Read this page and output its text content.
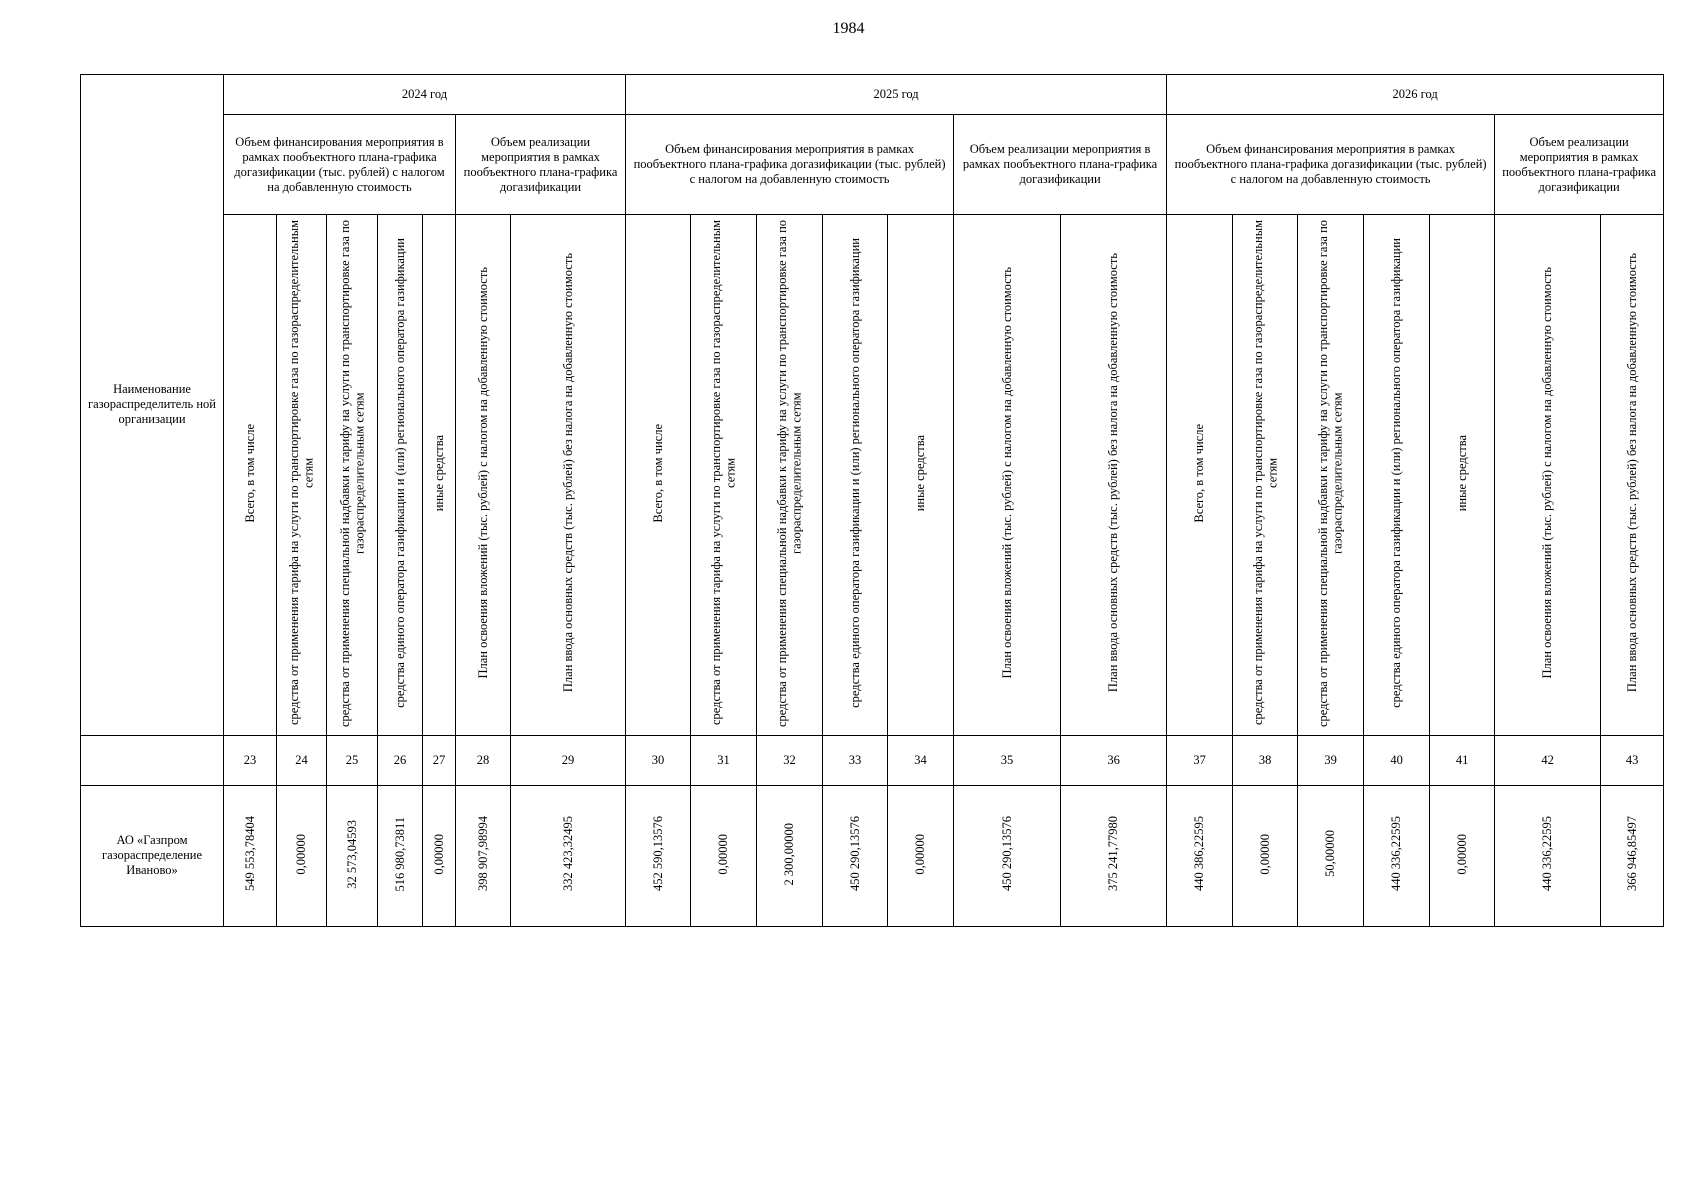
1984
Наименование газораспределитель ной организации	2024 год							2025 год							2026 год						
	Объем финансирования мероприятия в рамках пообъектного плана-графика догазификации (тыс. рублей) с налогом на добавленную стоимость					Объем реализации мероприятия в рамках пообъектного плана-графика догазификации		Объем финансирования мероприятия в рамках пообъектного плана-графика догазификации (тыс. рублей) с налогом на добавленную стоимость					Объем реализации мероприятия в рамках пообъектного плана-графика догазификации		Объем финансирования мероприятия в рамках пообъектного плана-графика догазификации (тыс. рублей) с налогом на добавленную стоимость					Объем реализации мероприятия в рамках пообъектного плана-графика догазификации	
	Всего, в том числе	средства от применения тарифа на услуги по транспортировке газа по газораспределительным сетям	средства от применения специальной надбавки к тарифу на услуги по транспортировке газа по газораспределительным сетям	средства единого оператора газификации и (или) регионального оператора газификации	иные средства	План освоения вложений (тыс. рублей) с налогом на добавленную стоимость	План ввода основных средств (тыс. рублей) без налога на добавленную стоимость	Всего, в том числе	средства от применения тарифа на услуги по транспортировке газа по газораспределительным сетям	средства от применения специальной надбавки к тарифу на услуги по транспортировке газа по газораспределительным сетям	средства единого оператора газификации и (или) регионального оператора газификации	иные средства	План освоения вложений (тыс. рублей) с налогом на добавленную стоимость	План ввода основных средств (тыс. рублей) без налога на добавленную стоимость	Всего, в том числе	средства от применения тарифа на услуги по транспортировке газа по газораспределительным сетям	средства от применения специальной надбавки к тарифу на услуги по транспортировке газа по газораспределительным сетям	средства единого оператора газификации и (или) регионального оператора газификации	иные средства	План освоения вложений (тыс. рублей) с налогом на добавленную стоимость	План ввода основных средств (тыс. рублей) без налога на добавленную стоимость
	23	24	25	26	27	28	29	30	31	32	33	34	35	36	37	38	39	40	41	42	43
АО «Газпром газораспределение Иваново»	549 553,78404	0,00000	32 573,04593	516 980,73811	0,00000	398 907,98994	332 423,32495	452 590,13576	0,00000	2 300,00000	450 290,13576	0,00000	450 290,13576	375 241,77980	440 386,22595	0,00000	50,00000	440 336,22595	0,00000	440 336,22595	366 946,85497
